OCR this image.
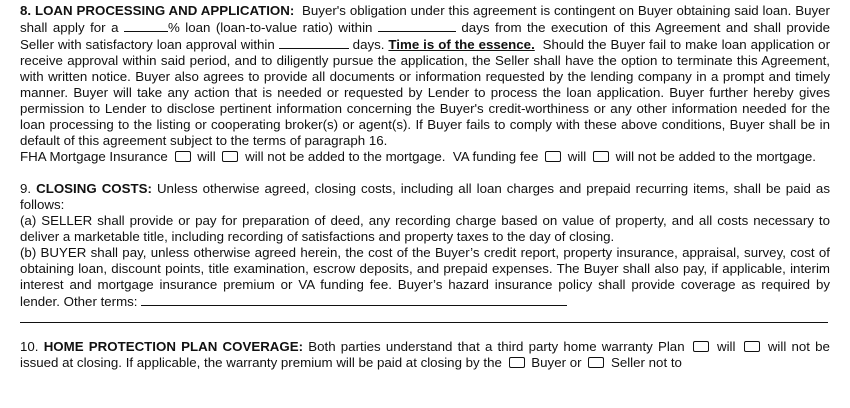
8. LOAN PROCESSING AND APPLICATION: Buyer's obligation under this agreement is contingent on Buyer obtaining said loan. Buyer shall apply for a	% loan (loan-to-value ratio) within	days from the execution of this Agreement and shall provide Seller with satisfactory loan approval within	days. Time is of the essence. Should the Buyer fail to make loan application or receive approval within said period, and to diligently pursue the application, the Seller shall have the option to terminate this Agreement, with written notice. Buyer also agrees to provide all documents or information requested by the lending company in a prompt and timely manner. Buyer will take any action that is needed or requested by Lender to process the loan application. Buyer further hereby gives permission to Lender to disclose pertinent information concerning the Buyer's credit-worthiness or any other information needed for the loan processing to the listing or cooperating broker(s) or agent(s). If Buyer fails to comply with these above conditions, Buyer shall be in default of this agreement subject to the terms of paragraph 16.

FHA Mortgage Insurance will will not be added to the mortgage. VA funding fee will will not be added to the mortgage.

9. CLOSING COSTS: Unless otherwise agreed, closing costs, including all loan charges and prepaid recurring items, shall be paid as follows:

(a) SELLER shall provide or pay for preparation of deed, any recording charge based on value of property, and all costs necessary to deliver a marketable title, including recording of satisfactions and property taxes to the day of closing.

(b) BUYER shall pay, unless otherwise agreed herein, the cost of the Buyer’s credit report, property insurance, appraisal, survey, cost of obtaining loan, discount points, title examination, escrow deposits, and prepaid expenses. The Buyer shall also pay, if applicable, interim interest and mortgage insurance premium or VA funding fee. Buyer’s hazard insurance policy shall provide coverage as required by lender. Other terms:

10. HOME PROTECTION PLAN COVERAGE: Both parties understand that a third party home warranty Plan will will not be issued at closing. If applicable, the warranty premium will be paid at closing by the Buyer or Seller not to
